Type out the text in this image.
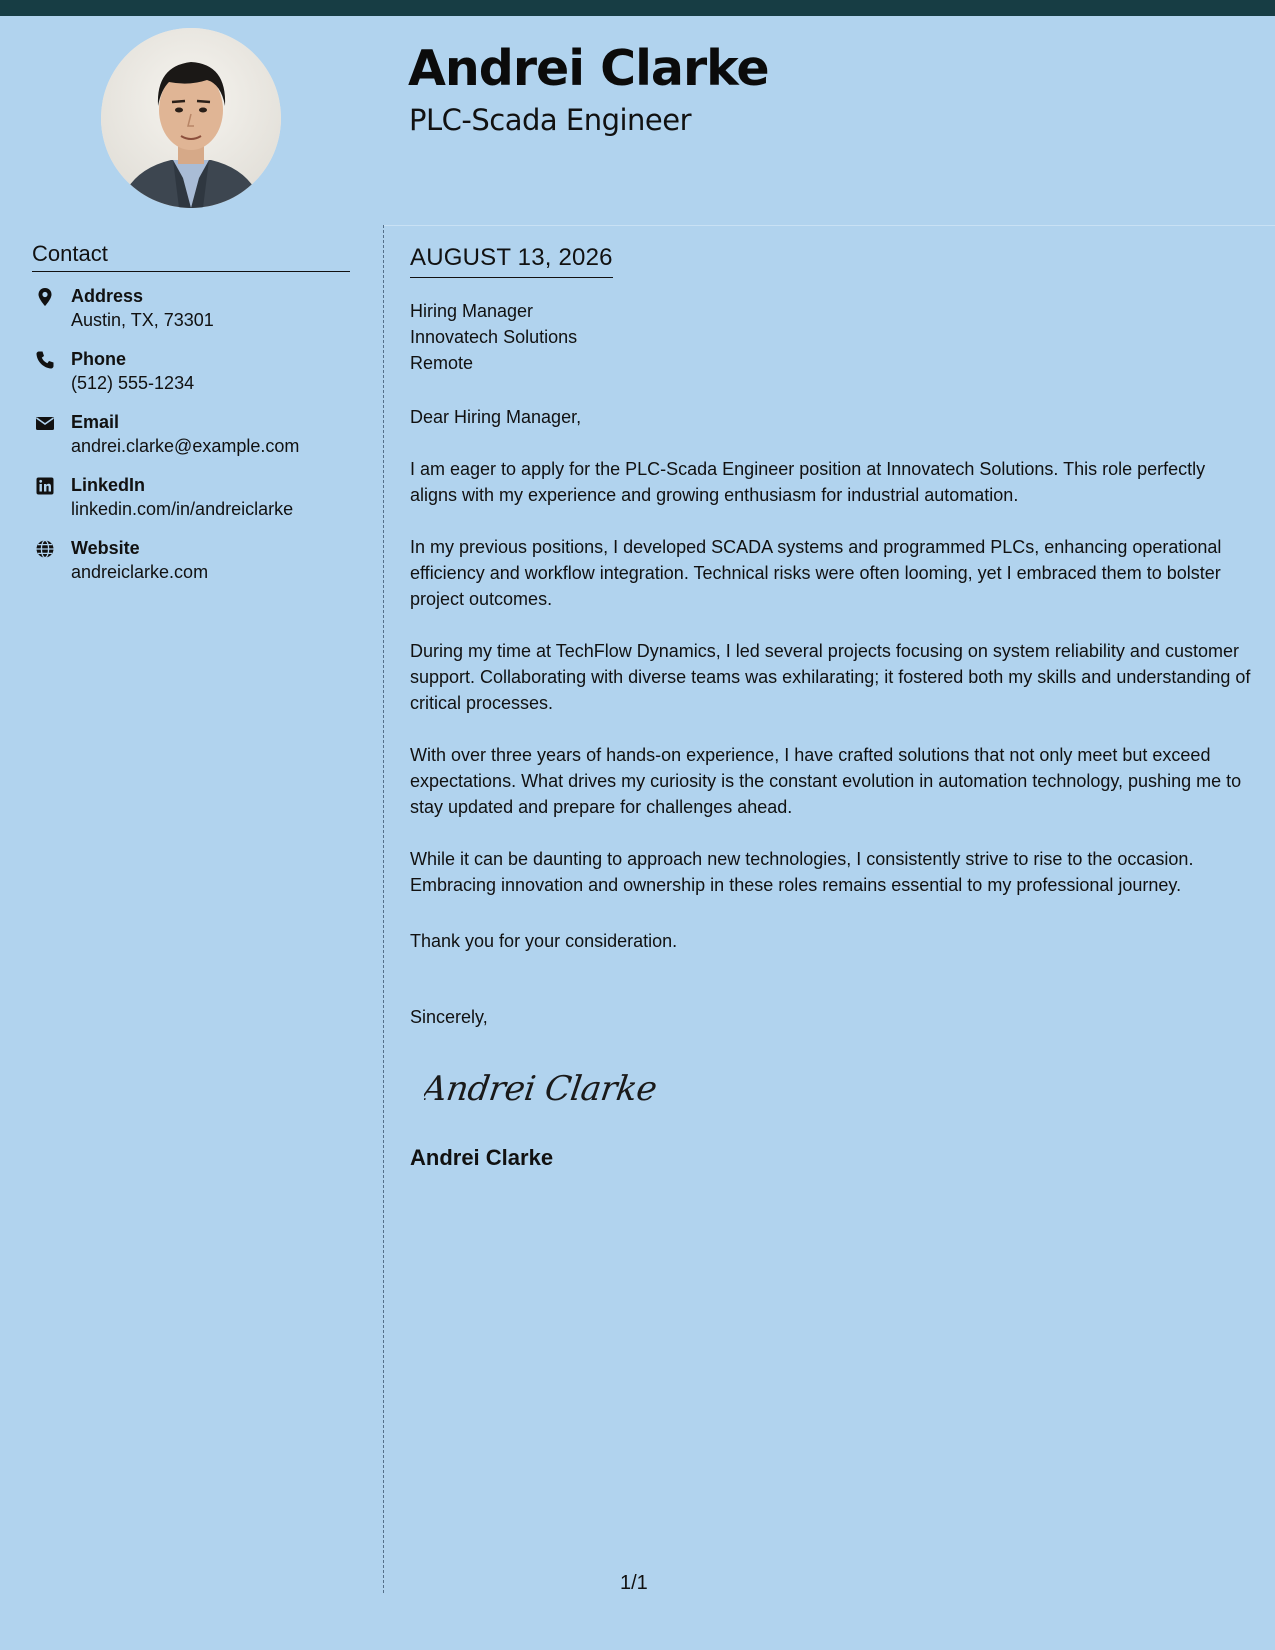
Andrei Clarke
PLC-Scada Engineer
Contact
Address
Austin, TX, 73301
Phone
(512) 555-1234
Email
andrei.clarke@example.com
LinkedIn
linkedin.com/in/andreiclarke
Website
andreiclarke.com
AUGUST 13, 2026
Hiring Manager
Innovatech Solutions
Remote
Dear Hiring Manager,
I am eager to apply for the PLC-Scada Engineer position at Innovatech Solutions. This role perfectly aligns with my experience and growing enthusiasm for industrial automation.
In my previous positions, I developed SCADA systems and programmed PLCs, enhancing operational efficiency and workflow integration. Technical risks were often looming, yet I embraced them to bolster project outcomes.
During my time at TechFlow Dynamics, I led several projects focusing on system reliability and customer support. Collaborating with diverse teams was exhilarating; it fostered both my skills and understanding of critical processes.
With over three years of hands-on experience, I have crafted solutions that not only meet but exceed expectations. What drives my curiosity is the constant evolution in automation technology, pushing me to stay updated and prepare for challenges ahead.
While it can be daunting to approach new technologies, I consistently strive to rise to the occasion. Embracing innovation and ownership in these roles remains essential to my professional journey.
Thank you for your consideration.
Sincerely,
Andrei Clarke
Andrei Clarke
1/1
